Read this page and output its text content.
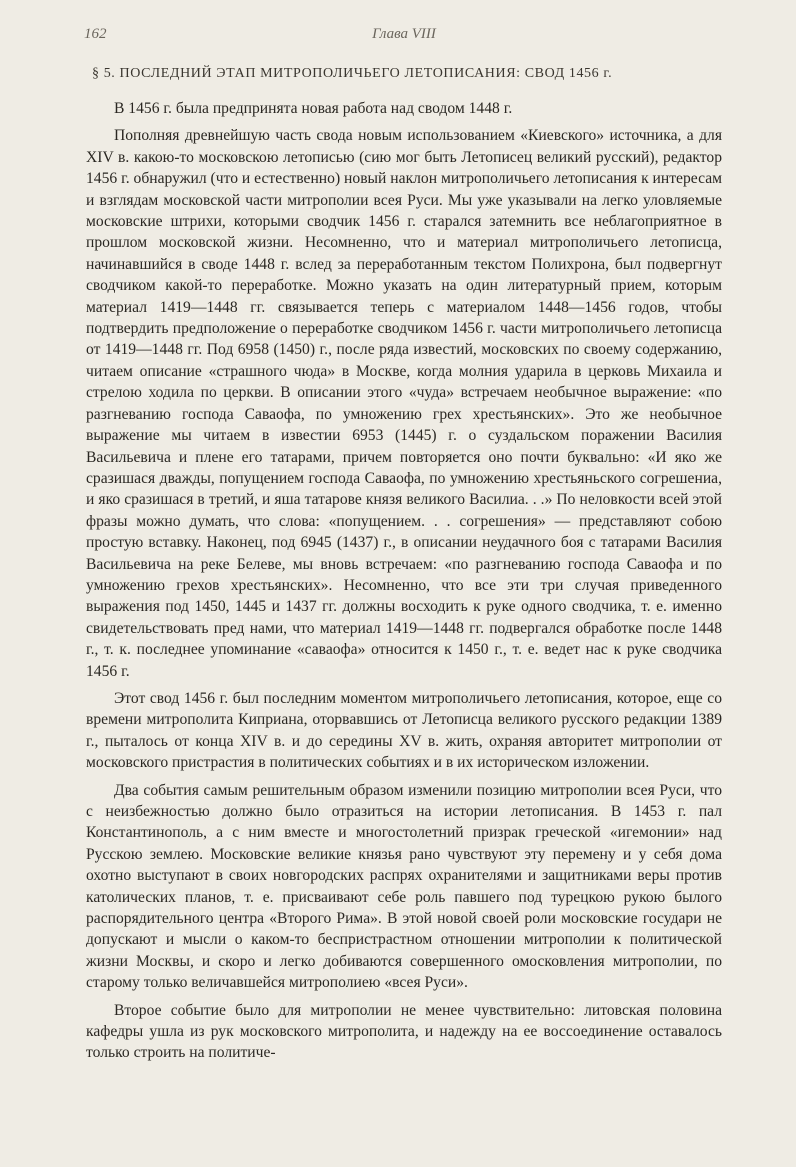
162	Глава VIII
§ 5. ПОСЛЕДНИЙ ЭТАП МИТРОПОЛИЧЬЕГО ЛЕТОПИСАНИЯ: СВОД 1456 г.

В 1456 г. была предпринята новая работа над сводом 1448 г.

Пополняя древнейшую часть свода новым использованием «Киевского» источника, а для XIV в. какою-то московскою летописью (сию мог быть Летописец великий русский), редактор 1456 г. обнаружил (что и естественно) новый наклон митрополичьего летописания к интересам и взглядам московской части митрополии всея Руси. Мы уже указывали на легко уловляемые московские штрихи, которыми сводчик 1456 г. старался затемнить все неблагоприятное в прошлом московской жизни. Несомненно, что и материал митрополичьего летописца, начинавшийся в своде 1448 г. вслед за переработанным текстом Полихрона, был подвергнут сводчиком какой-то переработке. Можно указать на один литературный прием, которым материал 1419—1448 гг. связывается теперь с материалом 1448—1456 годов, чтобы подтвердить предположение о переработке сводчиком 1456 г. части митрополичьего летописца от 1419—1448 гг. Под 6958 (1450) г., после ряда известий, московских по своему содержанию, читаем описание «страшного чюда» в Москве, когда молния ударила в церковь Михаила и стрелою ходила по церкви. В описании этого «чуда» встречаем необычное выражение: «по разгневанию господа Саваофа, по умножению грех хрестьянских». Это же необычное выражение мы читаем в известии 6953 (1445) г. о суздальском поражении Василия Васильевича и плене его татарами, причем повторяется оно почти буквально: «И яко же сразишася дважды, попущением господа Саваофа, по умножению хрестьяньского согрешениа, и яко сразишася в третий, и яша татарове князя великого Василиа. . .» По неловкости всей этой фразы можно думать, что слова: «попущением. . . согрешения» — представляют собою простую вставку. Наконец, под 6945 (1437) г., в описании неудачного боя с татарами Василия Васильевича на реке Белеве, мы вновь встречаем: «по разгневанию господа Саваофа и по умножению грехов хрестьянских». Несомненно, что все эти три случая приведенного выражения под 1450, 1445 и 1437 гг. должны восходить к руке одного сводчика, т. е. именно свидетельствовать пред нами, что материал 1419—1448 гг. подвергался обработке после 1448 г., т. к. последнее упоминание «саваофа» относится к 1450 г., т. е. ведет нас к руке сводчика 1456 г.

Этот свод 1456 г. был последним моментом митрополичьего летописания, которое, еще со времени митрополита Киприана, оторвавшись от Летописца великого русского редакции 1389 г., пыталось от конца XIV в. и до середины XV в. жить, охраняя авторитет митрополии от московского пристрастия в политических событиях и в их историческом изложении.

Два события самым решительным образом изменили позицию митрополии всея Руси, что с неизбежностью должно было отразиться на истории летописания. В 1453 г. пал Константинополь, а с ним вместе и многостолетний призрак греческой «игемонии» над Русскою землею. Московские великие князья рано чувствуют эту перемену и у себя дома охотно выступают в своих новгородских распрях охранителями и защитниками веры против католических планов, т. е. присваивают себе роль павшего под турецкою рукою былого распорядительного центра «Второго Рима». В этой новой своей роли московские государи не допускают и мысли о каком-то беспристрастном отношении митрополии к политической жизни Москвы, и скоро и легко добиваются совершенного омосковления митрополии, по старому только величавшейся митрополиею «всея Руси».

Второе событие было для митрополии не менее чувствительно: литовская половина кафедры ушла из рук московского митрополита, и надежду на ее воссоединение оставалось только строить на политиче-
